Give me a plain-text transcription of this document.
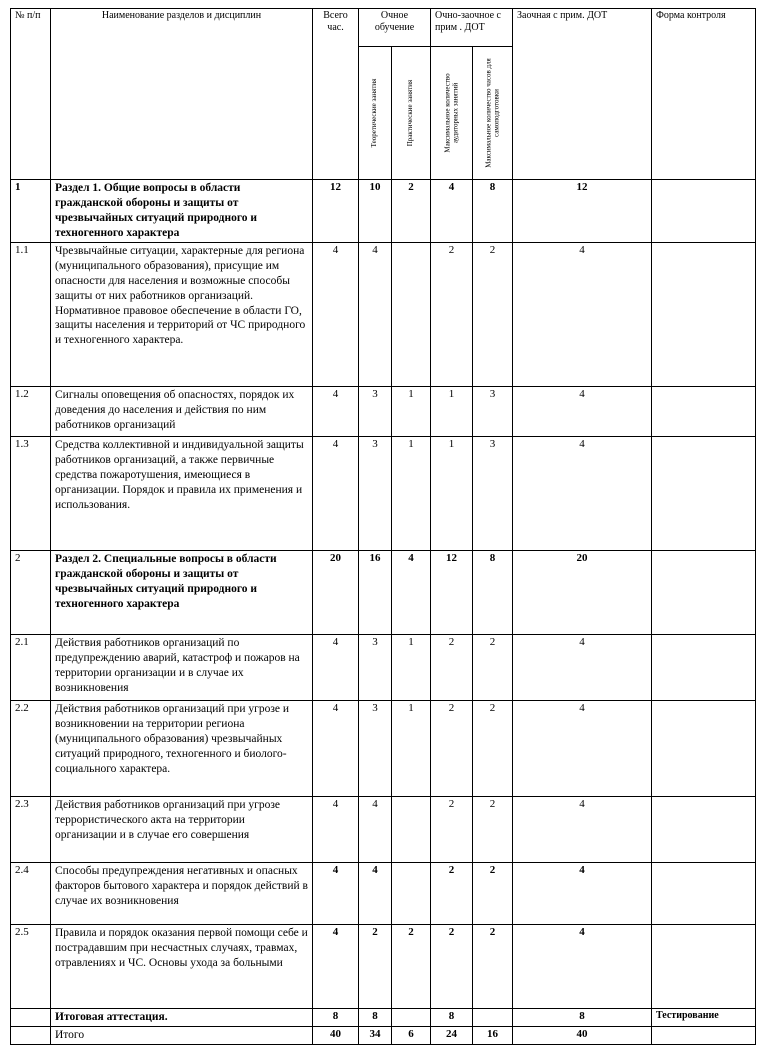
№ п/п	Наименование разделов и дисциплин	Всего час.	Очное обучение		Очно-заочное с прим . ДОТ		Заочная с прим. ДОТ	Форма контроля

			Теоретические занятия	Практические занятия	Максимальное количество аудиторных занятий	Максимальное количество часов для самоподготовки		

1	Раздел 1. Общие вопросы в области гражданской обороны и защиты от чрезвычайных ситуаций природного и техногенного характера	12	10	2	4	8	12	
1.1	Чрезвычайные ситуации, характерные для региона (муниципального образования), присущие им опасности для населения и возможные способы защиты от них работников организаций. Нормативное правовое обеспечение в области ГО, защиты населения и территорий от ЧС природного и техногенного характера.	4	4		2	2	4	
1.2	Сигналы оповещения об опасностях, порядок их доведения до населения и действия по ним работников организаций	4	3	1	1	3	4	
1.3	Средства коллективной и индивидуальной защиты работников организаций, а также первичные средства пожаротушения, имеющиеся в организации. Порядок и правила их применения и использования.	4	3	1	1	3	4	
2	Раздел 2. Специальные вопросы в области гражданской обороны и защиты от чрезвычайных ситуаций природного и техногенного характера	20	16	4	12	8	20	
2.1	Действия работников организаций по предупреждению аварий, катастроф и пожаров на территории организации и в случае их возникновения	4	3	1	2	2	4	
2.2	Действия работников организаций при угрозе и возникновении на территории региона (муниципального образования) чрезвычайных ситуаций природного, техногенного и биолого-социального характера.	4	3	1	2	2	4	
2.3	Действия работников организаций при угрозе террористического акта на территории организации и в случае его совершения	4	4		2	2	4	
2.4	Способы предупреждения негативных и опасных факторов бытового характера и порядок действий в случае их возникновения	4	4		2	2	4	
2.5	Правила и порядок оказания первой помощи себе и пострадавшим при несчастных случаях, травмах, отравлениях и ЧС. Основы ухода за больными	4	2	2	2	2	4	
	Итоговая аттестация.	8	8		8		8	Тестирование
	Итого	40	34	6	24	16	40	
